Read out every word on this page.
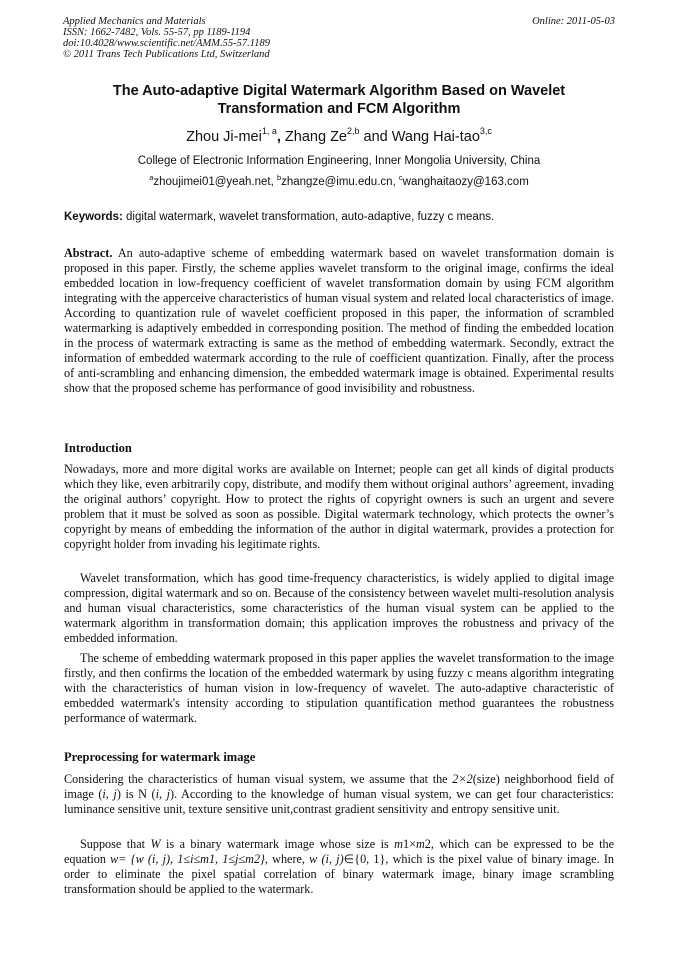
Applied Mechanics and Materials
ISSN: 1662-7482, Vols. 55-57, pp 1189-1194
doi:10.4028/www.scientific.net/AMM.55-57.1189
© 2011 Trans Tech Publications Ltd, Switzerland
Online: 2011-05-03
The Auto-adaptive Digital Watermark Algorithm Based on Wavelet
Transformation and FCM Algorithm
Zhou Ji-mei$^{1, a}$, Zhang Ze$^{2,b}$ and Wang Hai-tao$^{3,c}$
College of Electronic Information Engineering, Inner Mongolia University, China
$^a$zhoujimei01@yeah.net, $^b$zhangze@imu.edu.cn, $^c$wanghaitaozy@163.com
Keywords: digital watermark, wavelet transformation, auto-adaptive, fuzzy c means.

Abstract. An auto-adaptive scheme of embedding watermark based on wavelet transformation domain is proposed in this paper. Firstly, the scheme applies wavelet transform to the original image, confirms the ideal embedded location in low-frequency coefficient of wavelet transformation domain by using FCM algorithm integrating with the apperceive characteristics of human visual system and related local characteristics of image. According to quantization rule of wavelet coefficient proposed in this paper, the information of scrambled watermarking is adaptively embedded in corresponding position. The method of finding the embedded location in the process of watermark extracting is same as the method of embedding watermark. Secondly, extract the information of embedded watermark according to the rule of coefficient quantization. Finally, after the process of anti-scrambling and enhancing dimension, the embedded watermark image is obtained. Experimental results show that the proposed scheme has performance of good invisibility and robustness.

Introduction

Nowadays, more and more digital works are available on Internet; people can get all kinds of digital products which they like, even arbitrarily copy, distribute, and modify them without original authors’ agreement, invading the original authors’ copyright. How to protect the rights of copyright owners is such an urgent and severe problem that it must be solved as soon as possible. Digital watermark technology, which protects the owner’s copyright by means of embedding the information of the author in digital watermark, provides a protection for copyright holder from invading his legitimate rights.

Wavelet transformation, which has good time-frequency characteristics, is widely applied to digital image compression, digital watermark and so on. Because of the consistency between wavelet multi-resolution analysis and human visual characteristics, some characteristics of the human visual system can be applied to the watermark algorithm in transformation domain; this application improves the robustness and privacy of the embedded information.

The scheme of embedding watermark proposed in this paper applies the wavelet transformation to the image firstly, and then confirms the location of the embedded watermark by using fuzzy c means algorithm integrating with the characteristics of human vision in low-frequency of wavelet. The auto-adaptive characteristic of embedded watermark's intensity according to stipulation quantification method guarantees the robustness performance of watermark.

Preprocessing for watermark image

Considering the characteristics of human visual system, we assume that the 2×2(size) neighborhood field of image (i, j) is N (i, j). According to the knowledge of human visual system, we can get four characteristics: luminance sensitive unit, texture sensitive unit,contrast gradient sensitivity and entropy sensitive unit.

Suppose that W is a binary watermark image whose size is m1×m2, which can be expressed to be the equation w= {w (i, j), 1≤i≤m1, 1≤j≤m2}, where, w (i, j)∈{0, 1}, which is the pixel value of binary image. In order to eliminate the pixel spatial correlation of binary watermark image, binary image scrambling transformation should be applied to the watermark.
